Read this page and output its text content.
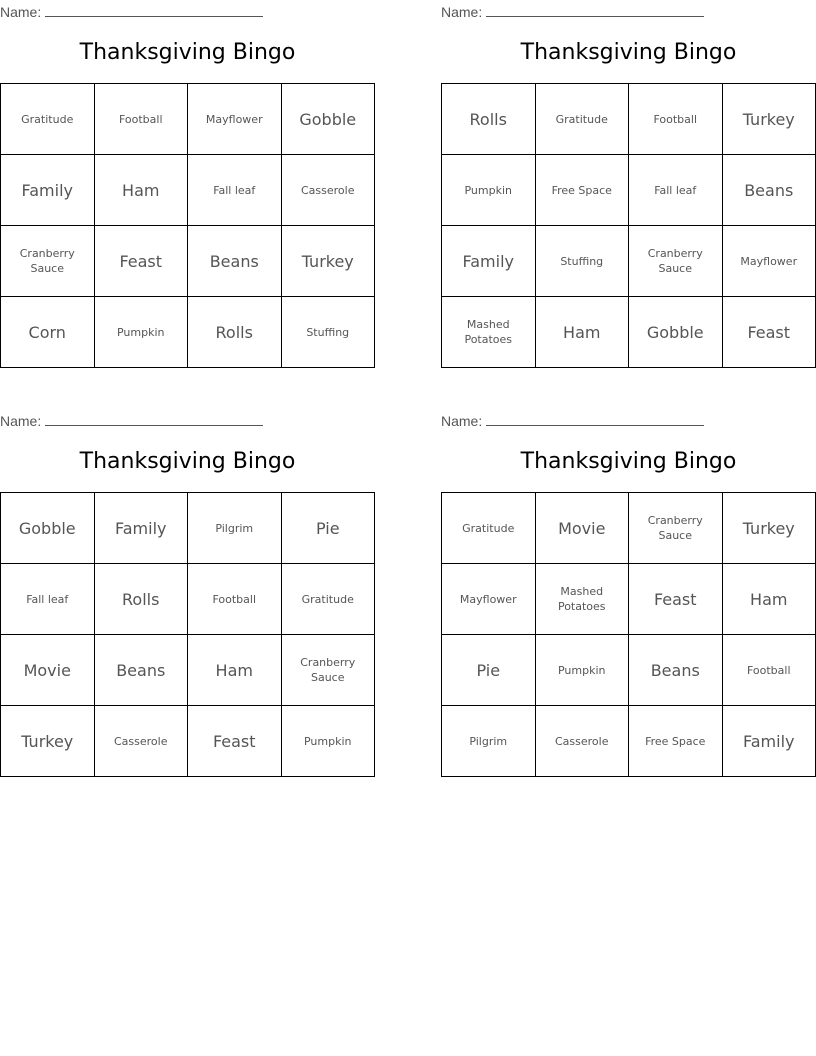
Name:
Thanksgiving Bingo
Gratitude	Football	Mayflower	Gobble
Family	Ham	Fall leaf	Casserole
Cranberry Sauce	Feast	Beans	Turkey
Corn	Pumpkin	Rolls	Stuffing
Name:
Thanksgiving Bingo
Rolls	Gratitude	Football	Turkey
Pumpkin	Free Space	Fall leaf	Beans
Family	Stuffing	Cranberry Sauce	Mayflower
Mashed Potatoes	Ham	Gobble	Feast
Name:
Thanksgiving Bingo
Gobble	Family	Pilgrim	Pie
Fall leaf	Rolls	Football	Gratitude
Movie	Beans	Ham	Cranberry Sauce
Turkey	Casserole	Feast	Pumpkin
Name:
Thanksgiving Bingo
Gratitude	Movie	Cranberry Sauce	Turkey
Mayflower	Mashed Potatoes	Feast	Ham
Pie	Pumpkin	Beans	Football
Pilgrim	Casserole	Free Space	Family
